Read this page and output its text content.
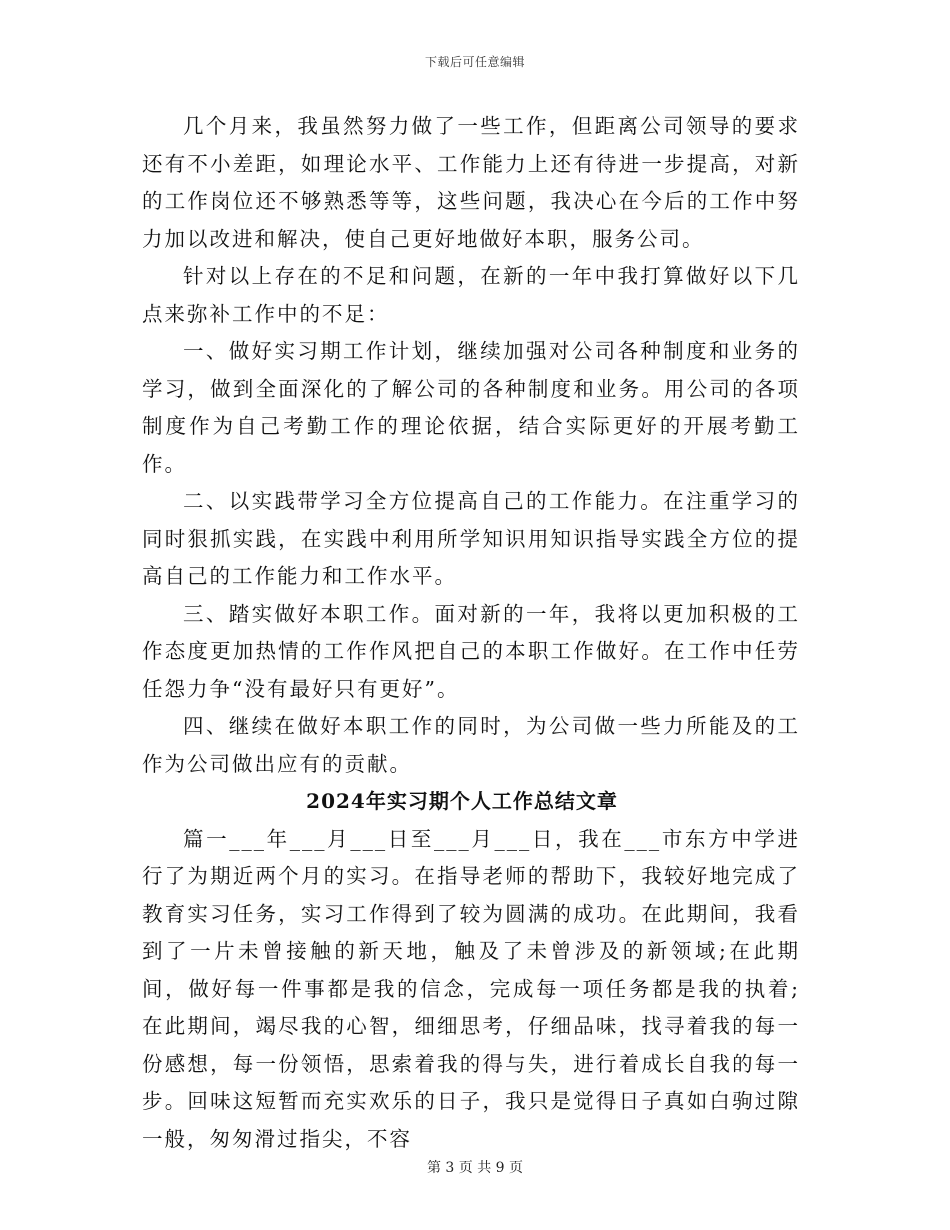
下载后可任意编辑

几个月来，我虽然努力做了一些工作，但距离公司领导的要求还有不小差距，如理论水平、工作能力上还有待进一步提高，对新的工作岗位还不够熟悉等等，这些问题，我决心在今后的工作中努力加以改进和解决，使自己更好地做好本职，服务公司。

针对以上存在的不足和问题，在新的一年中我打算做好以下几点来弥补工作中的不足：

一、做好实习期工作计划，继续加强对公司各种制度和业务的学习，做到全面深化的了解公司的各种制度和业务。用公司的各项制度作为自己考勤工作的理论依据，结合实际更好的开展考勤工作。

二、以实践带学习全方位提高自己的工作能力。在注重学习的同时狠抓实践，在实践中利用所学知识用知识指导实践全方位的提高自己的工作能力和工作水平。

三、踏实做好本职工作。面对新的一年，我将以更加积极的工作态度更加热情的工作作风把自己的本职工作做好。在工作中任劳任怨力争“没有最好只有更好”。

四、继续在做好本职工作的同时，为公司做一些力所能及的工作为公司做出应有的贡献。

2024年实习期个人工作总结文章

篇一___年___月___日至___月___日，我在___市东方中学进行了为期近两个月的实习。在指导老师的帮助下，我较好地完成了教育实习任务，实习工作得到了较为圆满的成功。在此期间，我看到了一片未曾接触的新天地，触及了未曾涉及的新领域;在此期间，做好每一件事都是我的信念，完成每一项任务都是我的执着;在此期间，竭尽我的心智，细细思考，仔细品味，找寻着我的每一份感想，每一份领悟，思索着我的得与失，进行着成长自我的每一步。回味这短暂而充实欢乐的日子，我只是觉得日子真如白驹过隙一般，匆匆滑过指尖，不容

第 3 页 共 9 页
